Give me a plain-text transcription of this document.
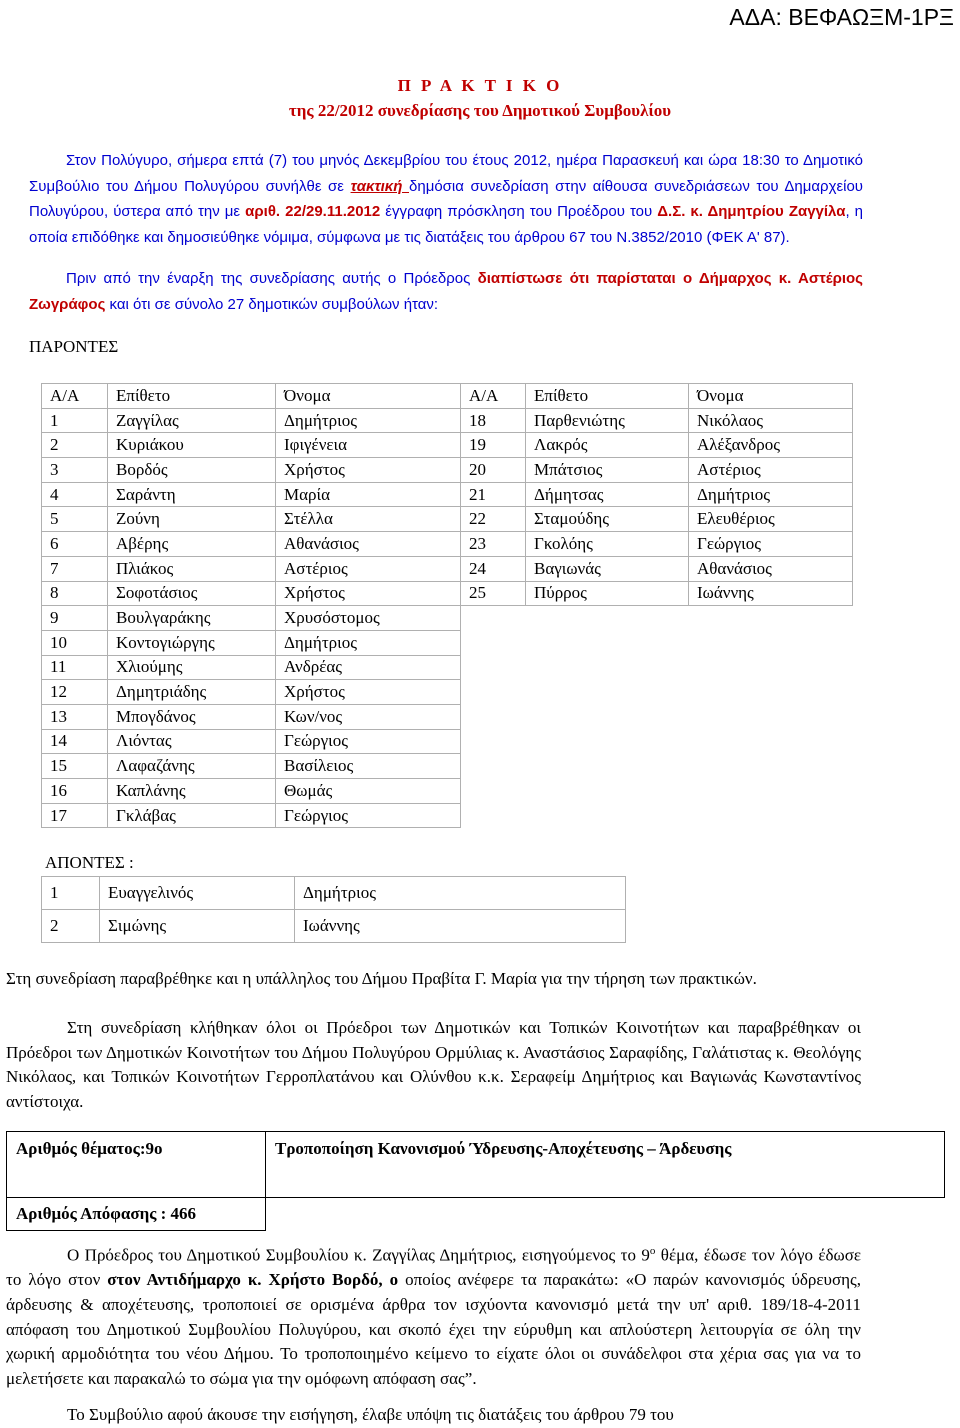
ΑΔΑ: ΒΕΦΑΩΞΜ-1ΡΞ
Π Ρ Α Κ Τ Ι Κ Ο
της 22/2012 συνεδρίασης του Δημοτικού Συμβουλίου
Στον Πολύγυρο, σήμερα επτά (7) του μηνός Δεκεμβρίου του έτους 2012, ημέρα Παρασκευή και ώρα 18:30 το Δημοτικό Συμβούλιο του Δήμου Πολυγύρου συνήλθε σε τακτική δημόσια συνεδρίαση στην αίθουσα συνεδριάσεων του Δημαρχείου Πολυγύρου, ύστερα από την με αριθ. 22/29.11.2012 έγγραφη πρόσκληση του Προέδρου του Δ.Σ. κ. Δημητρίου Ζαγγίλα, η οποία επιδόθηκε και δημοσιεύθηκε νόμιμα, σύμφωνα με τις διατάξεις του άρθρου 67 του Ν.3852/2010 (ΦΕΚ Α' 87).
Πριν από την έναρξη της συνεδρίασης αυτής ο Πρόεδρος διαπίστωσε ότι παρίσταται ο Δήμαρχος κ. Αστέριος Ζωγράφος και ότι σε σύνολο 27 δημοτικών συμβούλων ήταν:
ΠΑΡΟΝΤΕΣ
Α/Α	Επίθετο	Όνομα	Α/Α	Επίθετο	Όνομα
1	Ζαγγίλας	Δημήτριος	18	Παρθενιώτης	Νικόλαος
2	Κυριάκου	Ιφιγένεια	19	Λακρός	Αλέξανδρος
3	Βορδός	Χρήστος	20	Μπάτσιος	Αστέριος
4	Σαράντη	Μαρία	21	Δήμητσας	Δημήτριος
5	Ζούνη	Στέλλα	22	Σταμούδης	Ελευθέριος
6	Αβέρης	Αθανάσιος	23	Γκολόης	Γεώργιος
7	Πλιάκος	Αστέριος	24	Βαγιωνάς	Αθανάσιος
8	Σοφοτάσιος	Χρήστος	25	Πύρρος	Ιωάννης
9	Βουλγαράκης	Χρυσόστομος			
10	Κοντογιώργης	Δημήτριος			
11	Χλιούμης	Ανδρέας			
12	Δημητριάδης	Χρήστος			
13	Μπογδάνος	Κων/νος			
14	Λιόντας	Γεώργιος			
15	Λαφαζάνης	Βασίλειος			
16	Καπλάνης	Θωμάς			
17	Γκλάβας	Γεώργιος			
ΑΠΟΝΤΕΣ :
1	Ευαγγελινός	Δημήτριος
2	Σιμώνης	Ιωάννης
Στη συνεδρίαση παραβρέθηκε και η υπάλληλος του Δήμου Πραβίτα Γ. Μαρία για την τήρηση των πρακτικών.
Στη συνεδρίαση κλήθηκαν όλοι οι Πρόεδροι των Δημοτικών και Τοπικών Κοινοτήτων και παραβρέθηκαν οι Πρόεδροι των Δημοτικών Κοινοτήτων του Δήμου Πολυγύρου Ορμύλιας κ. Αναστάσιος Σαραφίδης, Γαλάτιστας κ. Θεολόγης Νικόλαος, και Τοπικών Κοινοτήτων Γερροπλατάνου και Ολύνθου κ.κ. Σεραφείμ Δημήτριος και Βαγιωνάς Κωνσταντίνος αντίστοιχα.
Αριθμός θέματος:9ο	Τροποποίηση Κανονισμού Ύδρευσης-Αποχέτευσης – Άρδευσης
Αριθμός Απόφασης : 466	
Ο Πρόεδρος του Δημοτικού Συμβουλίου κ. Ζαγγίλας Δημήτριος, εισηγούμενος το $9^o$ θέμα, έδωσε τον λόγο έδωσε το λόγο στον στον Αντιδήμαρχο κ. Χρήστο Βορδό, ο οποίος ανέφερε τα παρακάτω: «Ο παρών κανονισμός ύδρευσης, άρδευσης & αποχέτευσης, τροποποιεί σε ορισμένα άρθρα τον ισχύοντα κανονισμό μετά την υπ' αριθ. 189/18-4-2011 απόφαση του Δημοτικού Συμβουλίου Πολυγύρου, και σκοπό έχει την εύρυθμη και απλούστερη λειτουργία σε όλη την χωρική αρμοδιότητα του νέου Δήμου. Το τροποποιημένο κείμενο το είχατε όλοι οι συνάδελφοι στα χέρια σας για να το μελετήσετε και παρακαλώ το σώμα για την ομόφωνη απόφαση σας”.
Το Συμβούλιο αφού άκουσε την εισήγηση, έλαβε υπόψη τις διατάξεις του άρθρου 79 του
